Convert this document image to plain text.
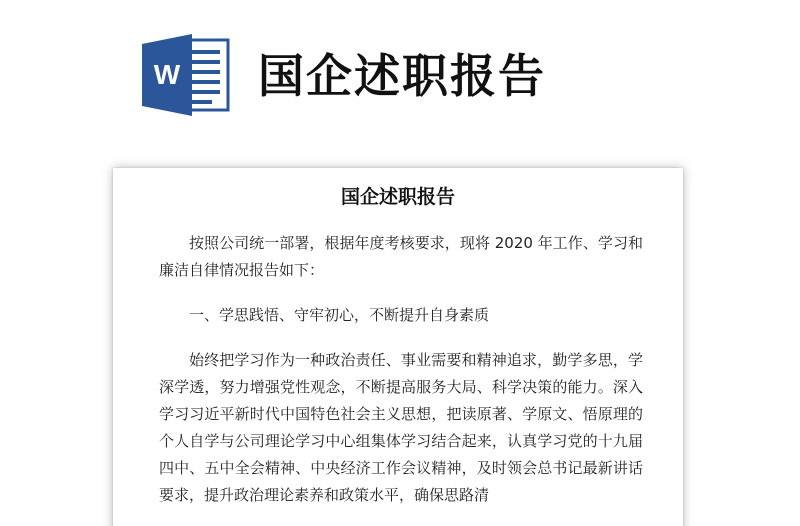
W 国企述职报告
国企述职报告

按照公司统一部署，根据年度考核要求，现将 2020 年工作、学习和廉洁自律情况报告如下：

一、学思践悟、守牢初心，不断提升自身素质

始终把学习作为一种政治责任、事业需要和精神追求，勤学多思，学深学透，努力增强党性观念，不断提高服务大局、科学决策的能力。深入学习习近平新时代中国特色社会主义思想，把读原著、学原文、悟原理的个人自学与公司理论学习中心组集体学习结合起来，认真学习党的十九届四中、五中全会精神、中央经济工作会议精神，及时领会总书记最新讲话要求，提升政治理论素养和政策水平，确保思路清
